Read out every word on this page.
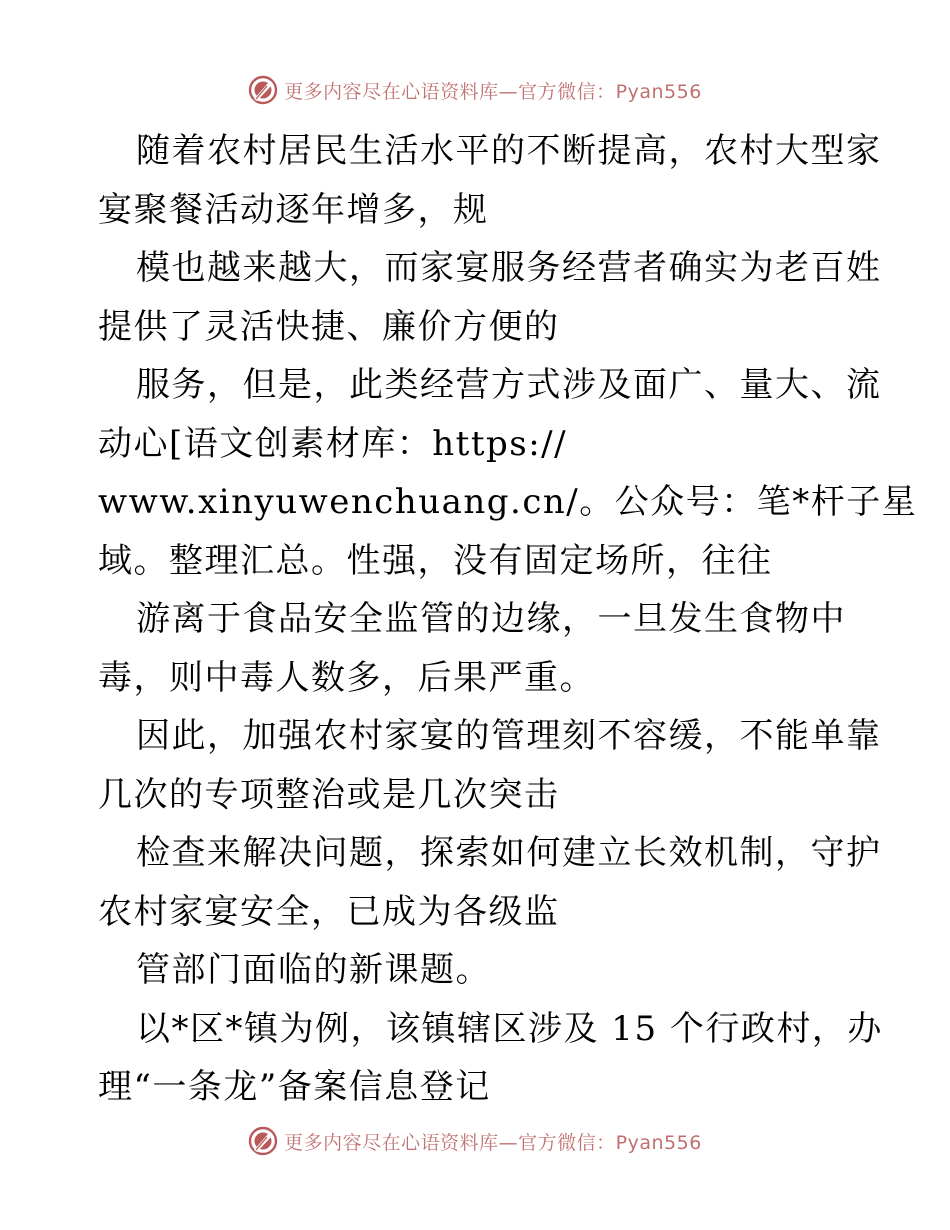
更多内容尽在心语资料库—官方微信：Pyan556
随着农村居民生活水平的不断提高，农村大型家
宴聚餐活动逐年增多，规
模也越来越大，而家宴服务经营者确实为老百姓
提供了灵活快捷、廉价方便的
服务，但是，此类经营方式涉及面广、量大、流
动心[语文创素材库：https://
www.xinyuwenchuang.cn/。公众号：笔*杆子星
域。整理汇总。性强，没有固定场所，往往
游离于食品安全监管的边缘，一旦发生食物中
毒，则中毒人数多，后果严重。
因此，加强农村家宴的管理刻不容缓，不能单靠
几次的专项整治或是几次突击
检查来解决问题，探索如何建立长效机制，守护
农村家宴安全，已成为各级监
管部门面临的新课题。
以*区*镇为例，该镇辖区涉及 15 个行政村，办
理“一条龙”备案信息登记
更多内容尽在心语资料库—官方微信：Pyan556
